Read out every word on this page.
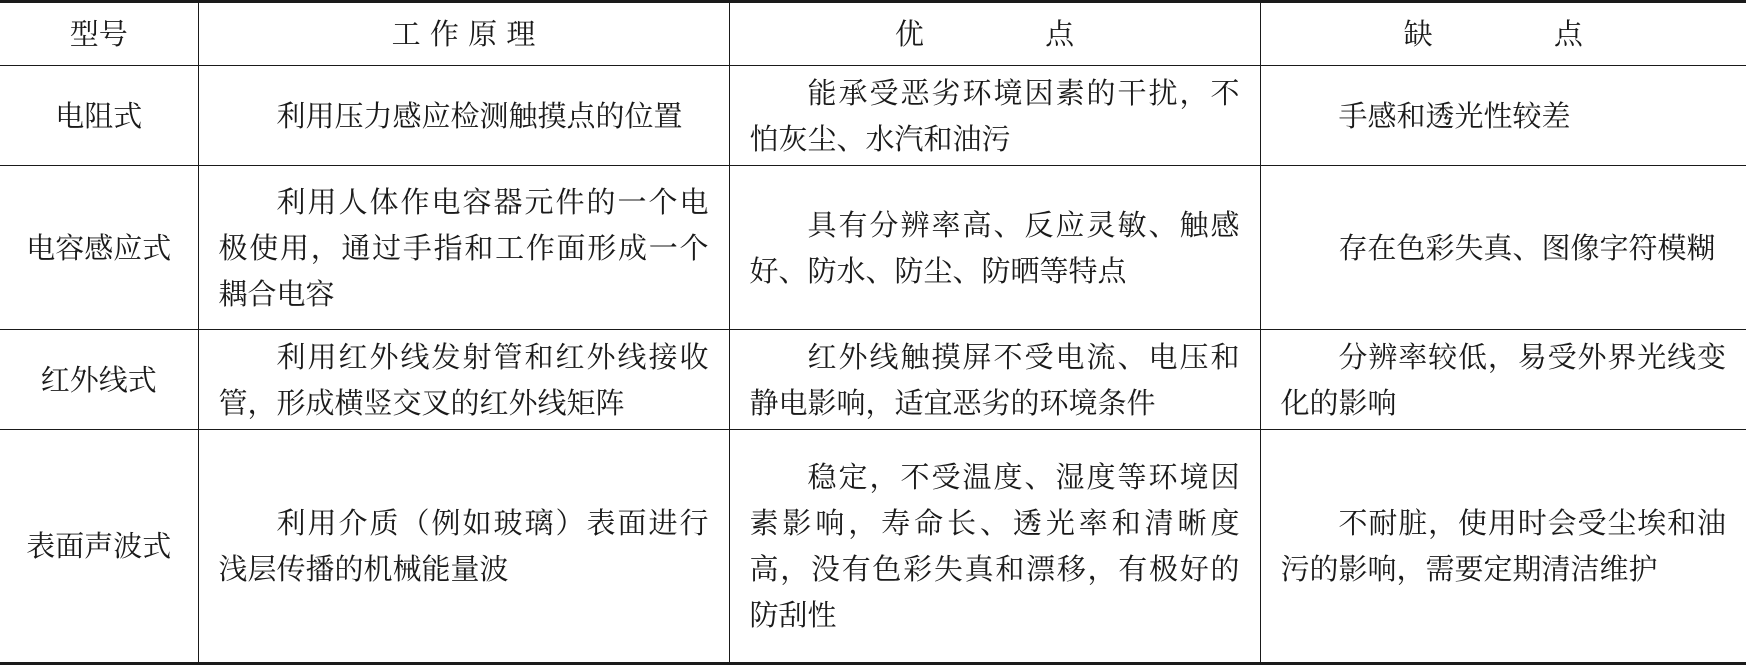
型号	工 作 原 理	优 点	缺 点
电阻式	利用压力感应检测触摸点的位置	能承受恶劣环境因素的干扰，不怕灰尘、水汽和油污	手感和透光性较差
电容感应式	利用人体作电容器元件的一个电极使用，通过手指和工作面形成一个耦合电容	具有分辨率高、反应灵敏、触感好、防水、防尘、防晒等特点	存在色彩失真、图像字符模糊
红外线式	利用红外线发射管和红外线接收管，形成横竖交叉的红外线矩阵	红外线触摸屏不受电流、电压和静电影响，适宜恶劣的环境条件	分辨率较低，易受外界光线变化的影响
表面声波式	利用介质（例如玻璃）表面进行浅层传播的机械能量波	稳定，不受温度、湿度等环境因素影响，寿命长、透光率和清晰度高，没有色彩失真和漂移，有极好的防刮性	不耐脏，使用时会受尘埃和油污的影响，需要定期清洁维护
